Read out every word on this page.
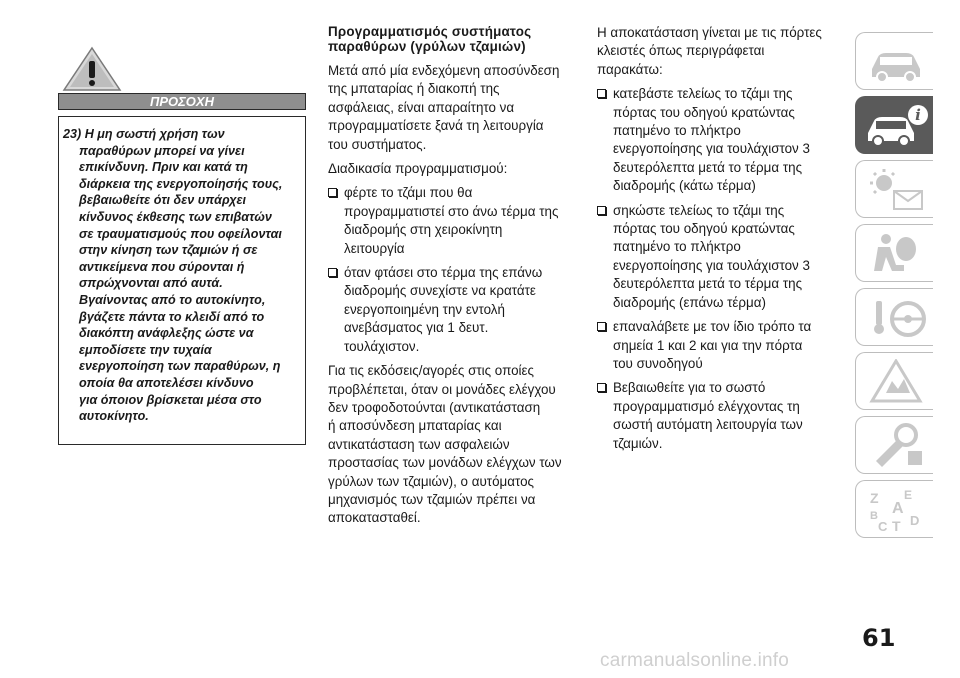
ΠΡΟΣΟΧΗ
23) Η μη σωστή χρήση των
παραθύρων μπορεί να γίνει
επικίνδυνη. Πριν και κατά τη
διάρκεια της ενεργοποίησής τους,
βεβαιωθείτε ότι δεν υπάρχει
κίνδυνος έκθεσης των επιβατών
σε τραυματισμούς που οφείλονται
στην κίνηση των τζαμιών ή σε
αντικείμενα που σύρονται ή
σπρώχνονται από αυτά.
Βγαίνοντας από το αυτοκίνητο,
βγάζετε πάντα το κλειδί από το
διακόπτη ανάφλεξης ώστε να
εμποδίσετε την τυχαία
ενεργοποίηση των παραθύρων, η
οποία θα αποτελέσει κίνδυνο
για όποιον βρίσκεται μέσα στο
αυτοκίνητο.
Προγραμματισμός συστήματος
παραθύρων (γρύλων τζαμιών)
Μετά από μία ενδεχόμενη αποσύνδεση
της μπαταρίας ή διακοπή της
ασφάλειας, είναι απαραίτητο να
προγραμματίσετε ξανά τη λειτουργία
του συστήματος.
Διαδικασία προγραμματισμού:
φέρτε το τζάμι που θα
προγραμματιστεί στο άνω τέρμα της
διαδρομής στη χειροκίνητη
λειτουργία
όταν φτάσει στο τέρμα της επάνω
διαδρομής συνεχίστε να κρατάτε
ενεργοποιημένη την εντολή
ανεβάσματος για 1 δευτ.
τουλάχιστον.
Για τις εκδόσεις/αγορές στις οποίες
προβλέπεται, όταν οι μονάδες ελέγχου
δεν τροφοδοτούνται (αντικατάσταση
ή αποσύνδεση μπαταρίας και
αντικατάσταση των ασφαλειών
προστασίας των μονάδων ελέγχων των
γρύλων των τζαμιών), ο αυτόματος
μηχανισμός των τζαμιών πρέπει να
αποκατασταθεί.
Η αποκατάσταση γίνεται με τις πόρτες
κλειστές όπως περιγράφεται
παρακάτω:
κατεβάστε τελείως το τζάμι της
πόρτας του οδηγού κρατώντας
πατημένο το πλήκτρο
ενεργοποίησης για τουλάχιστον 3
δευτερόλεπτα μετά το τέρμα της
διαδρομής (κάτω τέρμα)
σηκώστε τελείως το τζάμι της
πόρτας του οδηγού κρατώντας
πατημένο το πλήκτρο
ενεργοποίησης για τουλάχιστον 3
δευτερόλεπτα μετά το τέρμα της
διαδρομής (επάνω τέρμα)
επαναλάβετε με τον ίδιο τρόπο τα
σημεία 1 και 2 και για την πόρτα
του συνοδηγού
Βεβαιωθείτε για το σωστό
προγραμματισμό ελέγχοντας τη
σωστή αυτόματη λειτουργία των
τζαμιών.
i
Z E
A
B
C T D
61
carmanualsonline.info
